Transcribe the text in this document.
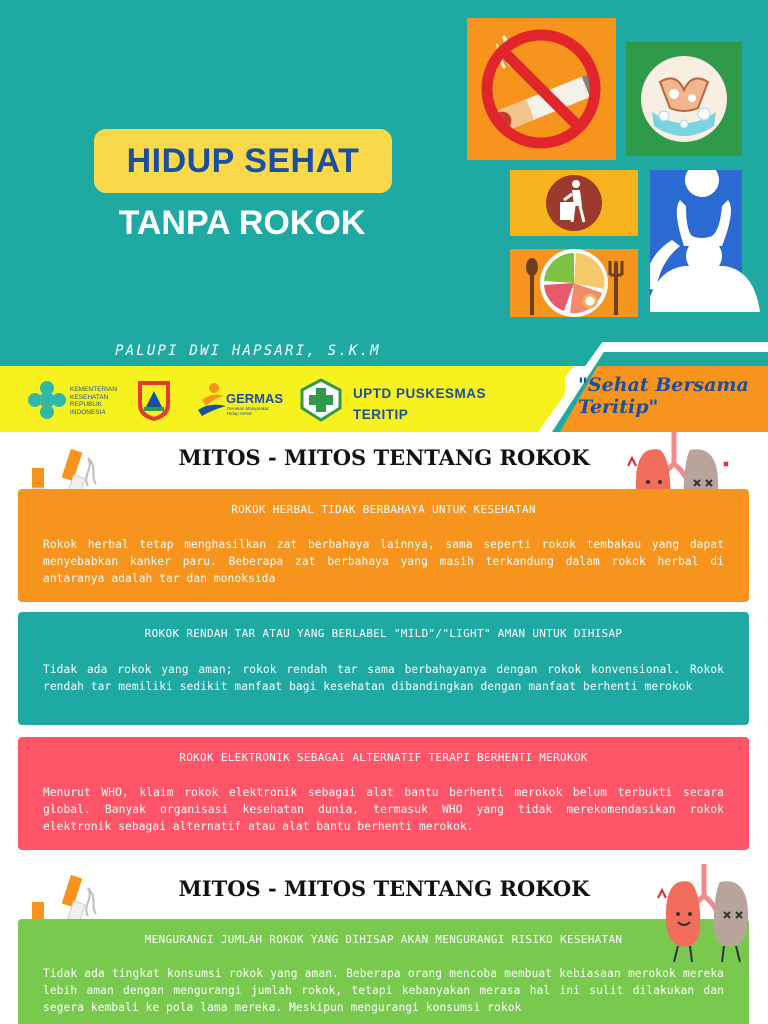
HIDUP SEHAT
TANPA ROKOK
PALUPI DWI HAPSARI, S.K.M
"Sehat Bersama Teritip"
KEMENTERIAN KESEHATAN REPUBLIK INDONESIA
GERMAS
Gerakan Masyarakat Hidup Sehat
UPTD PUSKESMAS
TERITIP
MITOS - MITOS TENTANG ROKOK
ROKOK HERBAL TIDAK BERBAHAYA UNTUK KESEHATAN
Rokok herbal tetap menghasilkan zat berbahaya lainnya, sama seperti rokok tembakau yang dapat menyebabkan kanker paru. Beberapa zat berbahaya yang masih terkandung dalam rokok herbal di antaranya adalah tar dan monoksida
ROKOK RENDAH TAR ATAU YANG BERLABEL "MILD"/"LIGHT" AMAN UNTUK DIHISAP
Tidak ada rokok yang aman; rokok rendah tar sama berbahayanya dengan rokok konvensional. Rokok rendah tar memiliki sedikit manfaat bagi kesehatan dibandingkan dengan manfaat berhenti merokok
ROKOK ELEKTRONIK SEBAGAI ALTERNATIF TERAPI BERHENTI MEROKOK
Menurut WHO, klaim rokok elektronik sebagai alat bantu berhenti merokok belum terbukti secara global. Banyak organisasi kesehatan dunia, termasuk WHO yang tidak merekomendasikan rokok elektronik sebagai alternatif atau alat bantu berhenti merokok.
MITOS - MITOS TENTANG ROKOK
MENGURANGI JUMLAH ROKOK YANG DIHISAP AKAN MENGURANGI RISIKO KESEHATAN
Tidak ada tingkat konsumsi rokok yang aman. Beberapa orang mencoba membuat kebiasaan merokok mereka lebih aman dengan mengurangi jumlah rokok, tetapi kebanyakan merasa hal ini sulit dilakukan dan segera kembali ke pola lama mereka. Meskipun mengurangi konsumsi rokok
